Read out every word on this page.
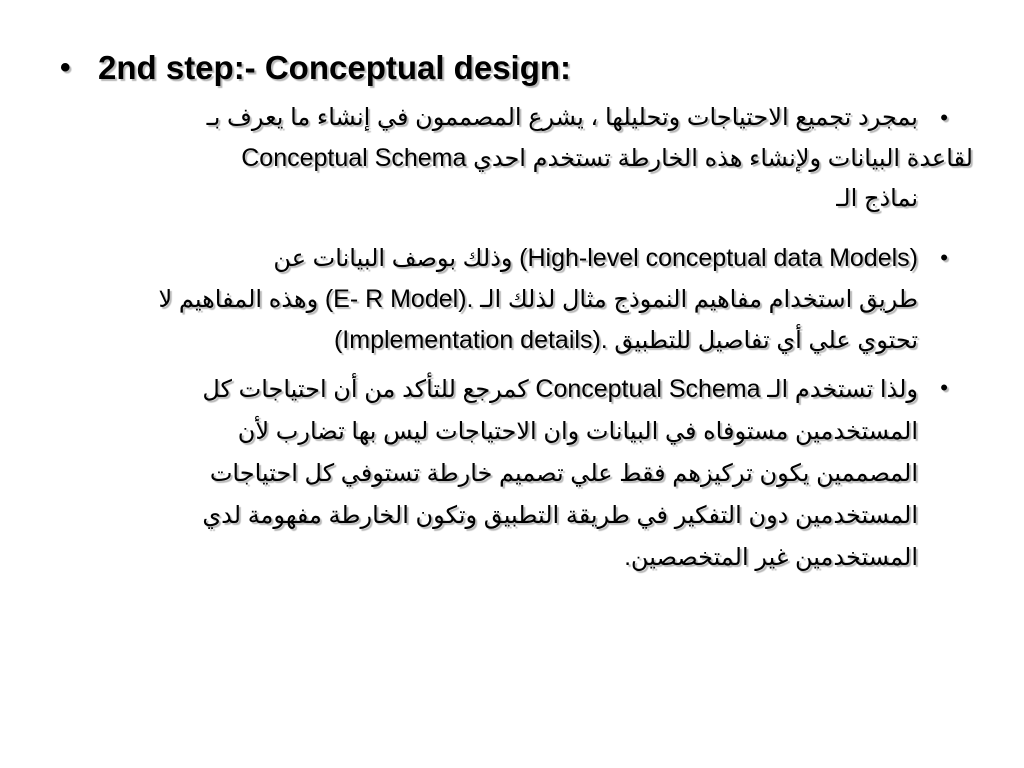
• 2nd step:- Conceptual design:
•
بمجرد تجميع الاحتياجات وتحليلها ، يشرع المصممون في إنشاء ما يعرف بـ
لقاعدة البيانات ولإنشاء هذه الخارطة تستخدم احدي Conceptual Schema
نماذج الـ
•
(High-level conceptual data Models) وذلك بوصف البيانات عن
طريق استخدام مفاهيم النموذج مثال لذلك الـ (E- R Model). وهذه المفاهيم لا
تحتوي علي أي تفاصيل للتطبيق (Implementation details).
•
ولذا تستخدم الـ Conceptual Schema كمرجع للتأكد من أن احتياجات كل
المستخدمين مستوفاه في البيانات وان الاحتياجات ليس بها تضارب لأن
المصممين يكون تركيزهم فقط علي تصميم خارطة تستوفي كل احتياجات
المستخدمين دون التفكير في طريقة التطبيق وتكون الخارطة مفهومة لدي
المستخدمين غير المتخصصين.
